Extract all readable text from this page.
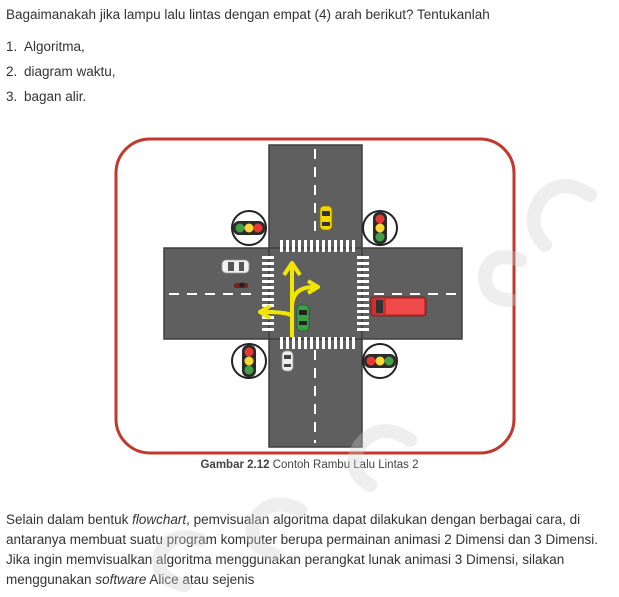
Bagaimanakah jika lampu lalu lintas dengan empat (4) arah berikut? Tentukanlah

1. Algoritma,
2. diagram waktu,
3. bagan alir.
Gambar 2.12 Contoh Rambu Lalu Lintas 2

Selain dalam bentuk flowchart, pemvisualan algoritma dapat dilakukan dengan berbagai cara, di antaranya membuat suatu program komputer berupa permainan animasi 2 Dimensi dan 3 Dimensi. Jika ingin memvisualkan algoritma menggunakan perangkat lunak animasi 3 Dimensi, silakan menggunakan software Alice atau sejenis
